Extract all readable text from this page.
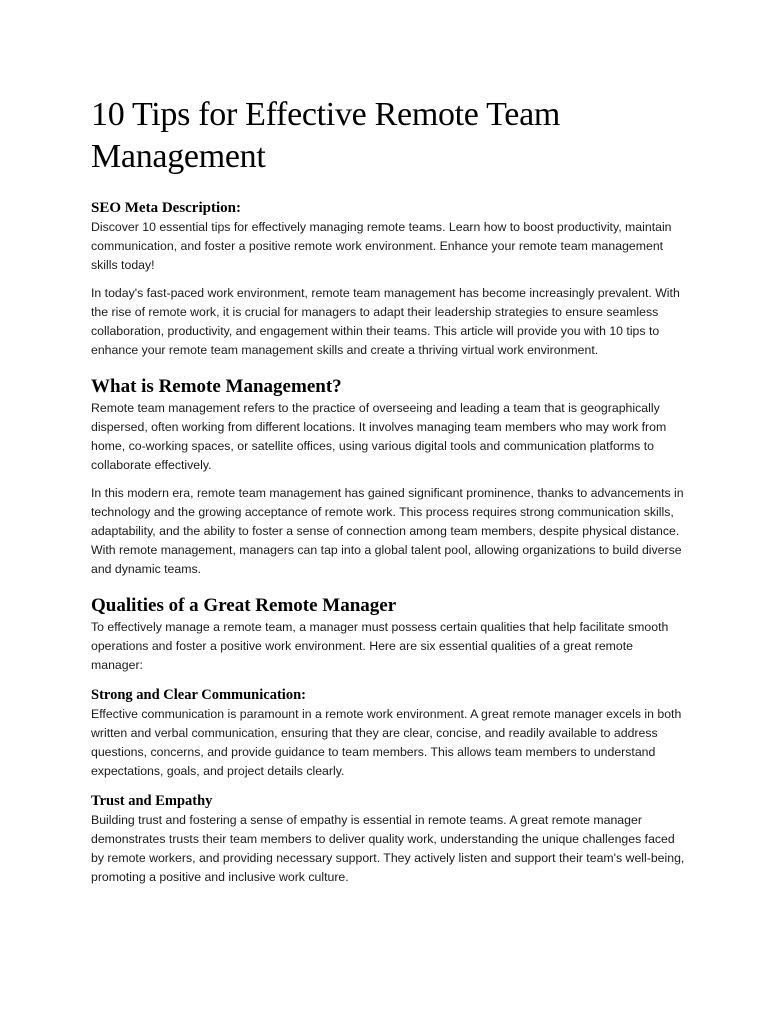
10 Tips for Effective Remote Team Management
SEO Meta Description:

Discover 10 essential tips for effectively managing remote teams. Learn how to boost productivity, maintain communication, and foster a positive remote work environment. Enhance your remote team management skills today!

In today's fast-paced work environment, remote team management has become increasingly prevalent. With the rise of remote work, it is crucial for managers to adapt their leadership strategies to ensure seamless collaboration, productivity, and engagement within their teams. This article will provide you with 10 tips to enhance your remote team management skills and create a thriving virtual work environment.

What is Remote Management?

Remote team management refers to the practice of overseeing and leading a team that is geographically dispersed, often working from different locations. It involves managing team members who may work from home, co-working spaces, or satellite offices, using various digital tools and communication platforms to collaborate effectively.

In this modern era, remote team management has gained significant prominence, thanks to advancements in technology and the growing acceptance of remote work. This process requires strong communication skills, adaptability, and the ability to foster a sense of connection among team members, despite physical distance. With remote management, managers can tap into a global talent pool, allowing organizations to build diverse and dynamic teams.

Qualities of a Great Remote Manager

To effectively manage a remote team, a manager must possess certain qualities that help facilitate smooth operations and foster a positive work environment. Here are six essential qualities of a great remote manager:

Strong and Clear Communication:

Effective communication is paramount in a remote work environment. A great remote manager excels in both written and verbal communication, ensuring that they are clear, concise, and readily available to address questions, concerns, and provide guidance to team members. This allows team members to understand expectations, goals, and project details clearly.

Trust and Empathy

Building trust and fostering a sense of empathy is essential in remote teams. A great remote manager demonstrates trusts their team members to deliver quality work, understanding the unique challenges faced by remote workers, and providing necessary support. They actively listen and support their team's well-being, promoting a positive and inclusive work culture.
